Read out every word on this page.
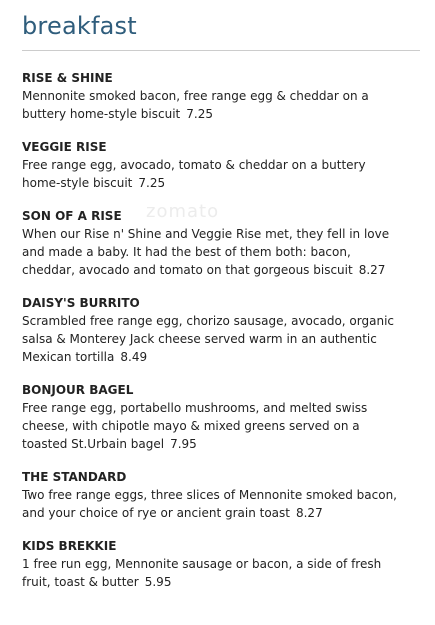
breakfast
zomato
RISE & SHINE
Mennonite smoked bacon, free range egg & cheddar on a
buttery home-style biscuit 7.25
VEGGIE RISE
Free range egg, avocado, tomato & cheddar on a buttery
home-style biscuit 7.25
SON OF A RISE
When our Rise n' Shine and Veggie Rise met, they fell in love
and made a baby. It had the best of them both: bacon,
cheddar, avocado and tomato on that gorgeous biscuit 8.27
DAISY'S BURRITO
Scrambled free range egg, chorizo sausage, avocado, organic
salsa & Monterey Jack cheese served warm in an authentic
Mexican tortilla 8.49
BONJOUR BAGEL
Free range egg, portabello mushrooms, and melted swiss
cheese, with chipotle mayo & mixed greens served on a
toasted St.Urbain bagel 7.95
THE STANDARD
Two free range eggs, three slices of Mennonite smoked bacon,
and your choice of rye or ancient grain toast 8.27
KIDS BREKKIE
1 free run egg, Mennonite sausage or bacon, a side of fresh
fruit, toast & butter 5.95
